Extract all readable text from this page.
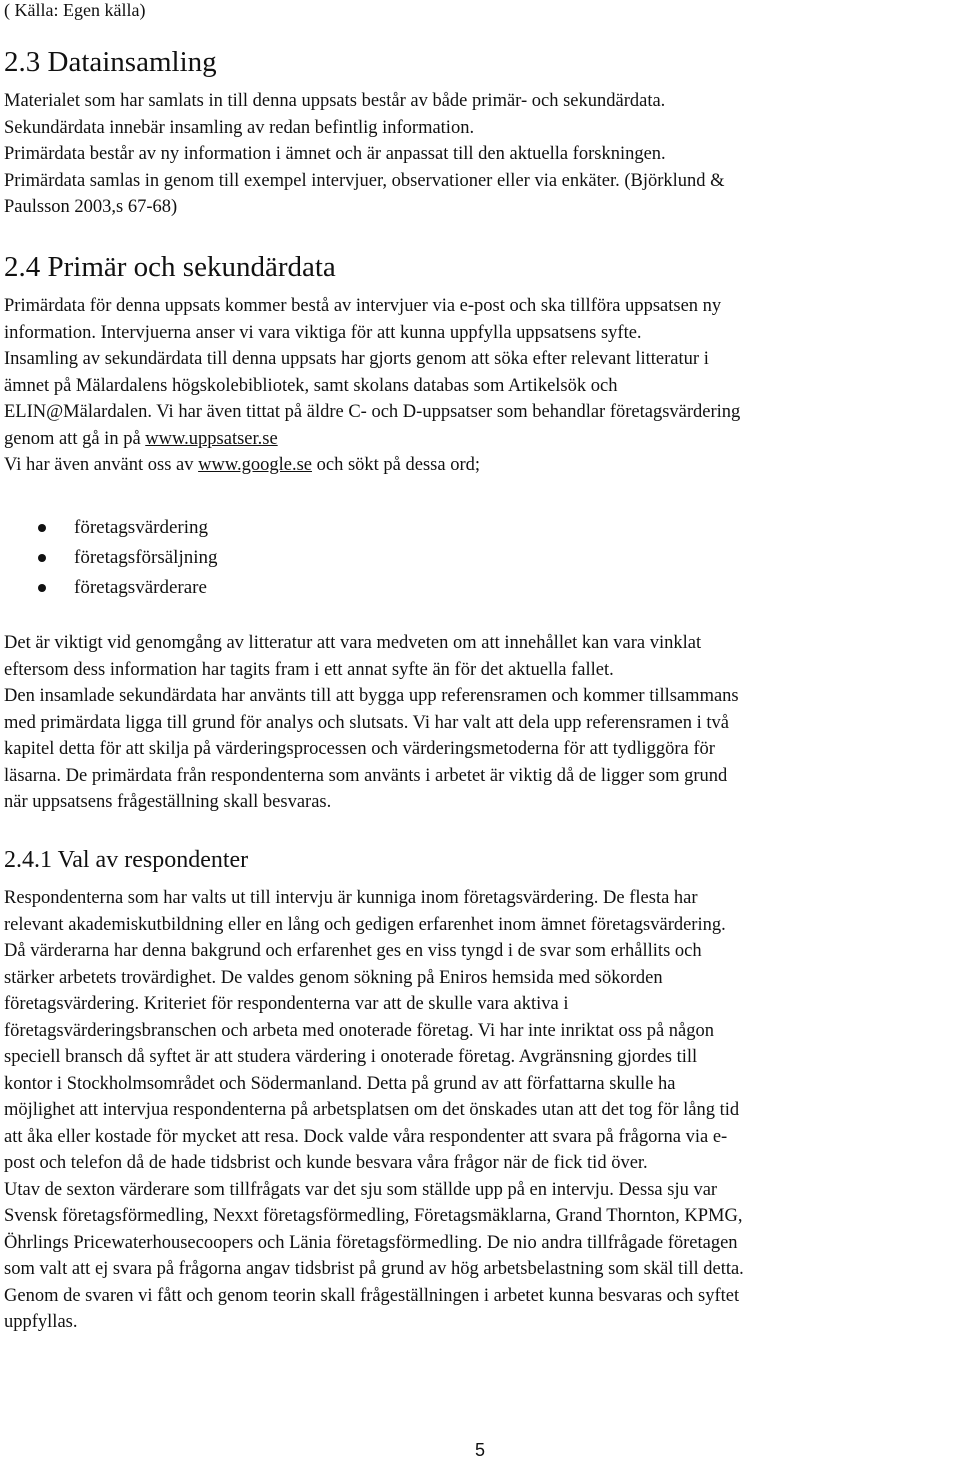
( Källa: Egen källa)
2.3 Datainsamling
Materialet som har samlats in till denna uppsats består av både primär- och sekundärdata.
Sekundärdata innebär insamling av redan befintlig information.
Primärdata består av ny information i ämnet och är anpassat till den aktuella forskningen.
Primärdata samlas in genom till exempel intervjuer, observationer eller via enkäter. (Björklund &
Paulsson 2003,s 67-68)
2.4 Primär och sekundärdata
Primärdata för denna uppsats kommer bestå av intervjuer via e-post och ska tillföra uppsatsen ny
information. Intervjuerna anser vi vara viktiga för att kunna uppfylla uppsatsens syfte.
Insamling av sekundärdata till denna uppsats har gjorts genom att söka efter relevant litteratur i
ämnet på Mälardalens högskolebibliotek, samt skolans databas som Artikelsök och
ELIN@Mälardalen. Vi har även tittat på äldre C- och D-uppsatser som behandlar företagsvärdering
genom att gå in på www.uppsatser.se
Vi har även använt oss av www.google.se och sökt på dessa ord;
företagsvärdering
företagsförsäljning
företagsvärderare
Det är viktigt vid genomgång av litteratur att vara medveten om att innehållet kan vara vinklat
eftersom dess information har tagits fram i ett annat syfte än för det aktuella fallet.
Den insamlade sekundärdata har använts till att bygga upp referensramen och kommer tillsammans
med primärdata ligga till grund för analys och slutsats. Vi har valt att dela upp referensramen i två
kapitel detta för att skilja på värderingsprocessen och värderingsmetoderna för att tydliggöra för
läsarna. De primärdata från respondenterna som använts i arbetet är viktig då de ligger som grund
när uppsatsens frågeställning skall besvaras.
2.4.1 Val av respondenter
Respondenterna som har valts ut till intervju är kunniga inom företagsvärdering. De flesta har
relevant akademiskutbildning eller en lång och gedigen erfarenhet inom ämnet företagsvärdering.
Då värderarna har denna bakgrund och erfarenhet ges en viss tyngd i de svar som erhållits och
stärker arbetets trovärdighet. De valdes genom sökning på Eniros hemsida med sökorden
företagsvärdering. Kriteriet för respondenterna var att de skulle vara aktiva i
företagsvärderingsbranschen och arbeta med onoterade företag. Vi har inte inriktat oss på någon
speciell bransch då syftet är att studera värdering i onoterade företag. Avgränsning gjordes till
kontor i Stockholmsområdet och Södermanland. Detta på grund av att författarna skulle ha
möjlighet att intervjua respondenterna på arbetsplatsen om det önskades utan att det tog för lång tid
att åka eller kostade för mycket att resa. Dock valde våra respondenter att svara på frågorna via e-
post och telefon då de hade tidsbrist och kunde besvara våra frågor när de fick tid över.
Utav de sexton värderare som tillfrågats var det sju som ställde upp på en intervju. Dessa sju var
Svensk företagsförmedling, Nexxt företagsförmedling, Företagsmäklarna, Grand Thornton, KPMG,
Öhrlings Pricewaterhousecoopers och Länia företagsförmedling. De nio andra tillfrågade företagen
som valt att ej svara på frågorna angav tidsbrist på grund av hög arbetsbelastning som skäl till detta.
Genom de svaren vi fått och genom teorin skall frågeställningen i arbetet kunna besvaras och syftet
uppfyllas.
5
